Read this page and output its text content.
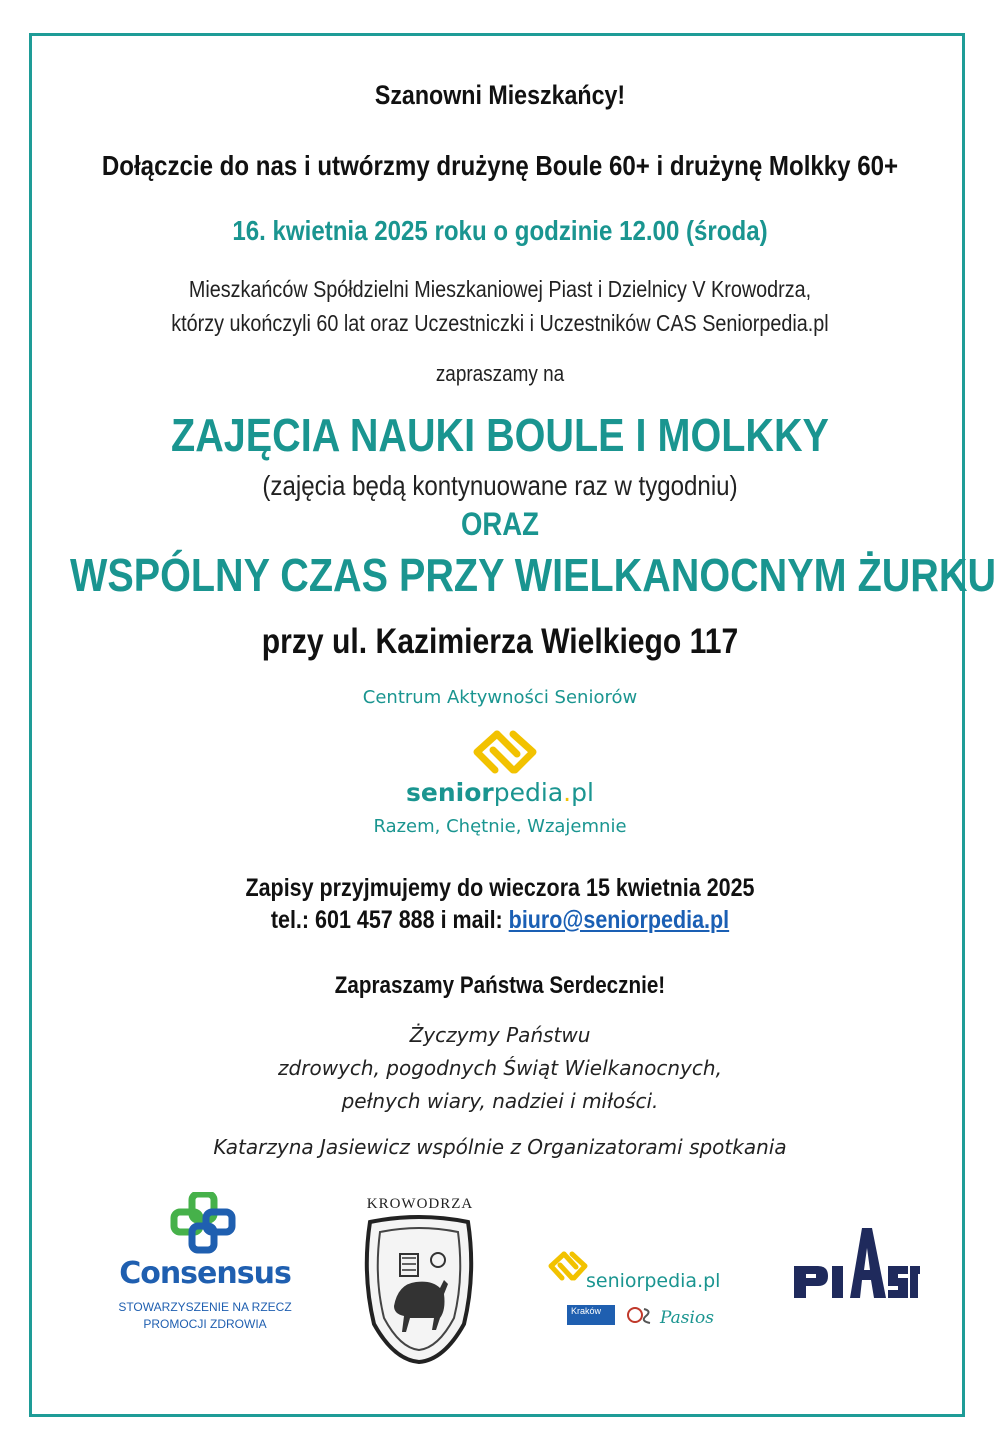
Szanowni Mieszkańcy!
Dołączcie do nas i utwórzmy drużynę Boule 60+ i drużynę Molkky 60+
16. kwietnia 2025 roku o godzinie 12.00 (środa)
Mieszkańców Spółdzielni Mieszkaniowej Piast i Dzielnicy V Krowodrza,
którzy ukończyli 60 lat oraz Uczestniczki i Uczestników CAS Seniorpedia.pl
zapraszamy na
ZAJĘCIA NAUKI BOULE I MOLKKY
(zajęcia będą kontynuowane raz w tygodniu)
ORAZ
WSPÓLNY CZAS PRZY WIELKANOCNYM ŻURKU
przy ul. Kazimierza Wielkiego 117
Centrum Aktywności Seniorów
seniorpedia.pl
Razem, Chętnie, Wzajemnie
Zapisy przyjmujemy do wieczora 15 kwietnia 2025
tel.: 601 457 888 i mail: biuro@seniorpedia.pl
Zapraszamy Państwa Serdecznie!
Życzymy Państwu
zdrowych, pogodnych Świąt Wielkanocnych,
pełnych wiary, nadziei i miłości.
Katarzyna Jasiewicz wspólnie z Organizatorami spotkania
Consensus
STOWARZYSZENIE NA RZECZ
PROMOCJI ZDROWIA
KROWODRZA
seniorpedia.pl
Kraków	Pasios
